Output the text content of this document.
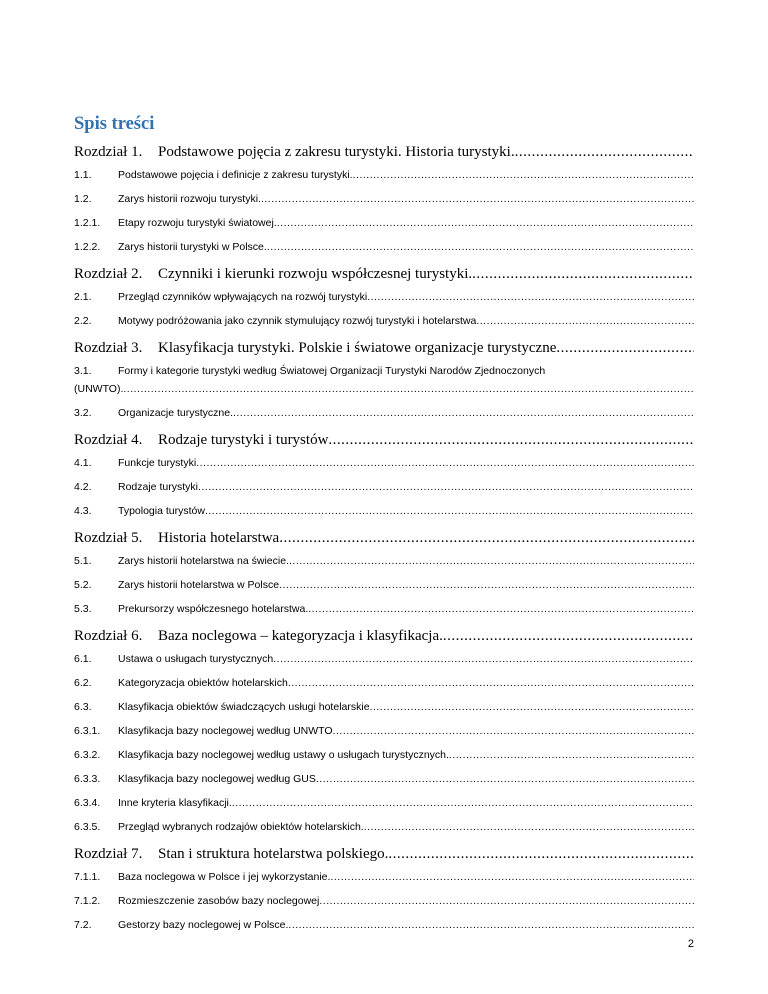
Spis treści
Rozdział 1.	Podstawowe pojęcia z zakresu turystyki. Historia turystyki.
.....
1.1.	Podstawowe pojęcia i definicje z zakresu turystyki.
.....
1.2.	Zarys historii rozwoju turystyki.
.....
1.2.1.	Etapy rozwoju turystyki światowej.
.....
1.2.2.	Zarys historii turystyki w Polsce.
.....
Rozdział 2.	Czynniki i kierunki rozwoju współczesnej turystyki.
.....
2.1.	Przegląd czynników wpływających na rozwój turystyki
.....
2.2.	Motywy podróżowania jako czynnik stymulujący rozwój turystyki i hotelarstwa
.....
Rozdział 3.	Klasyfikacja turystyki. Polskie i światowe organizacje turystyczne
.....
3.1.	Formy i kategorie turystyki według Światowej Organizacji Turystyki Narodów Zjednoczonych
(UNWTO).
.....
3.2.	Organizacje turystyczne.
.....
Rozdział 4.	Rodzaje turystyki i turystów
.....
4.1.	Funkcje turystyki
.....
4.2.	Rodzaje turystyki
.....
4.3.	Typologia turystów
.....
Rozdział 5.	Historia hotelarstwa
.....
5.1.	Zarys historii hotelarstwa na świecie.
.....
5.2.	Zarys historii hotelarstwa w Polsce
.....
5.3.	Prekursorzy współczesnego hotelarstwa.
.....
Rozdział 6.	Baza noclegowa – kategoryzacja i klasyfikacja.
.....
6.1.	Ustawa o usługach turystycznych
.....
6.2.	Kategoryzacja obiektów hotelarskich
.....
6.3.	Klasyfikacja obiektów świadczących usługi hotelarskie
.....
6.3.1.	Klasyfikacja bazy noclegowej według UNWTO
.....
6.3.2.	Klasyfikacja bazy noclegowej według ustawy o usługach turystycznych.
.....
6.3.3.	Klasyfikacja bazy noclegowej według GUS
.....
6.3.4.	Inne kryteria klasyfikacji.
.....
6.3.5.	Przegląd wybranych rodzajów obiektów hotelarskich.
.....
Rozdział 7.	Stan i struktura hotelarstwa polskiego.
.....
7.1.1.	Baza noclegowa w Polsce i jej wykorzystanie.
.....
7.1.2.	Rozmieszczenie zasobów bazy noclegowej
.....
7.2.	Gestorzy bazy noclegowej w Polsce.
.....
2
